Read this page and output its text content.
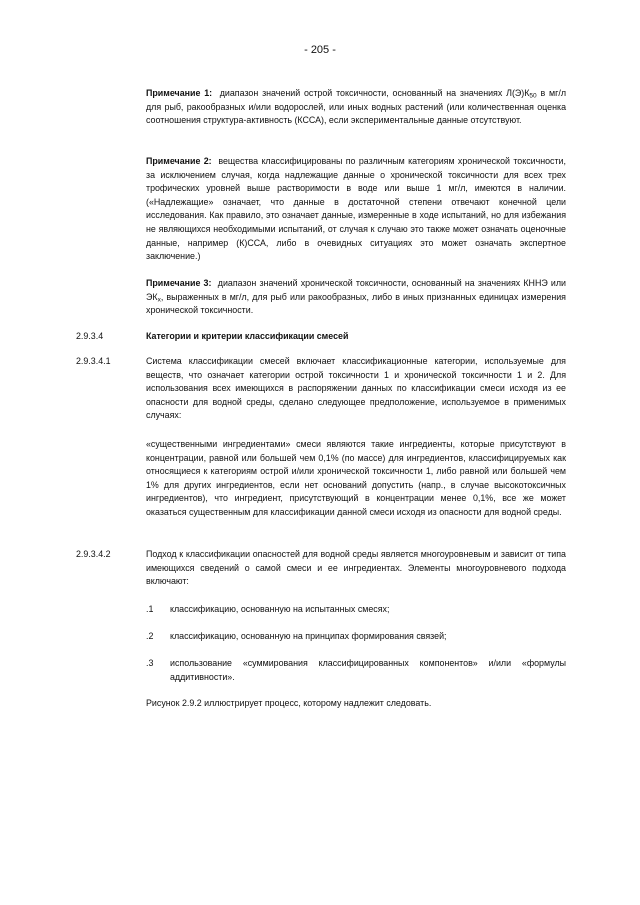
- 205 -

Примечание 1: диапазон значений острой токсичности, основанный на значениях $Л(Э)К_{50}$ в мг/л для рыб, ракообразных и/или водорослей, или иных водных растений (или количественная оценка соотношения структура-активность (КССА), если экспериментальные данные отсутствуют.

Примечание 2: вещества классифицированы по различным категориям хронической токсичности, за исключением случая, когда надлежащие данные о хронической токсичности для всех трех трофических уровней выше растворимости в воде или выше 1 мг/л, имеются в наличии. («Надлежащие» означает, что данные в достаточной степени отвечают конечной цели исследования. Как правило, это означает данные, измеренные в ходе испытаний, но для избежания не являющихся необходимыми испытаний, от случая к случаю это также может означать оценочные данные, например (К)ССА, либо в очевидных ситуациях это может означать экспертное заключение.)

Примечание 3: диапазон значений хронической токсичности, основанный на значениях КННЭ или $ЭК_x$, выраженных в мг/л, для рыб или ракообразных, либо в иных признанных единицах измерения хронической токсичности.

2.9.3.4	Категории и критерии классификации смесей
2.9.3.4.1	Система классификации смесей включает классификационные категории, используемые для веществ, что означает категории острой токсичности 1 и хронической токсичности 1 и 2. Для использования всех имеющихся в распоряжении данных по классификации смеси исходя из ее опасности для водной среды, сделано следующее предположение, используемое в применимых случаях:

«существенными ингредиентами» смеси являются такие ингредиенты, которые присутствуют в концентрации, равной или большей чем 0,1% (по массе) для ингредиентов, классифицируемых как относящиеся к категориям острой и/или хронической токсичности 1, либо равной или большей чем 1% для других ингредиентов, если нет оснований допустить (напр., в случае высокотоксичных ингредиентов), что ингредиент, присутствующий в концентрации менее 0,1%, все же может оказаться существенным для классификации данной смеси исходя из опасности для водной среды.

2.9.3.4.2	Подход к классификации опасностей для водной среды является многоуровневым и зависит от типа имеющихся сведений о самой смеси и ее ингредиентах. Элементы многоуровневого подхода включают:

.1 классификацию, основанную на испытанных смесях;
.2 классификацию, основанную на принципах формирования связей;
.3 использование «суммирования классифицированных компонентов» и/или «формулы аддитивности».

Рисунок 2.9.2 иллюстрирует процесс, которому надлежит следовать.
